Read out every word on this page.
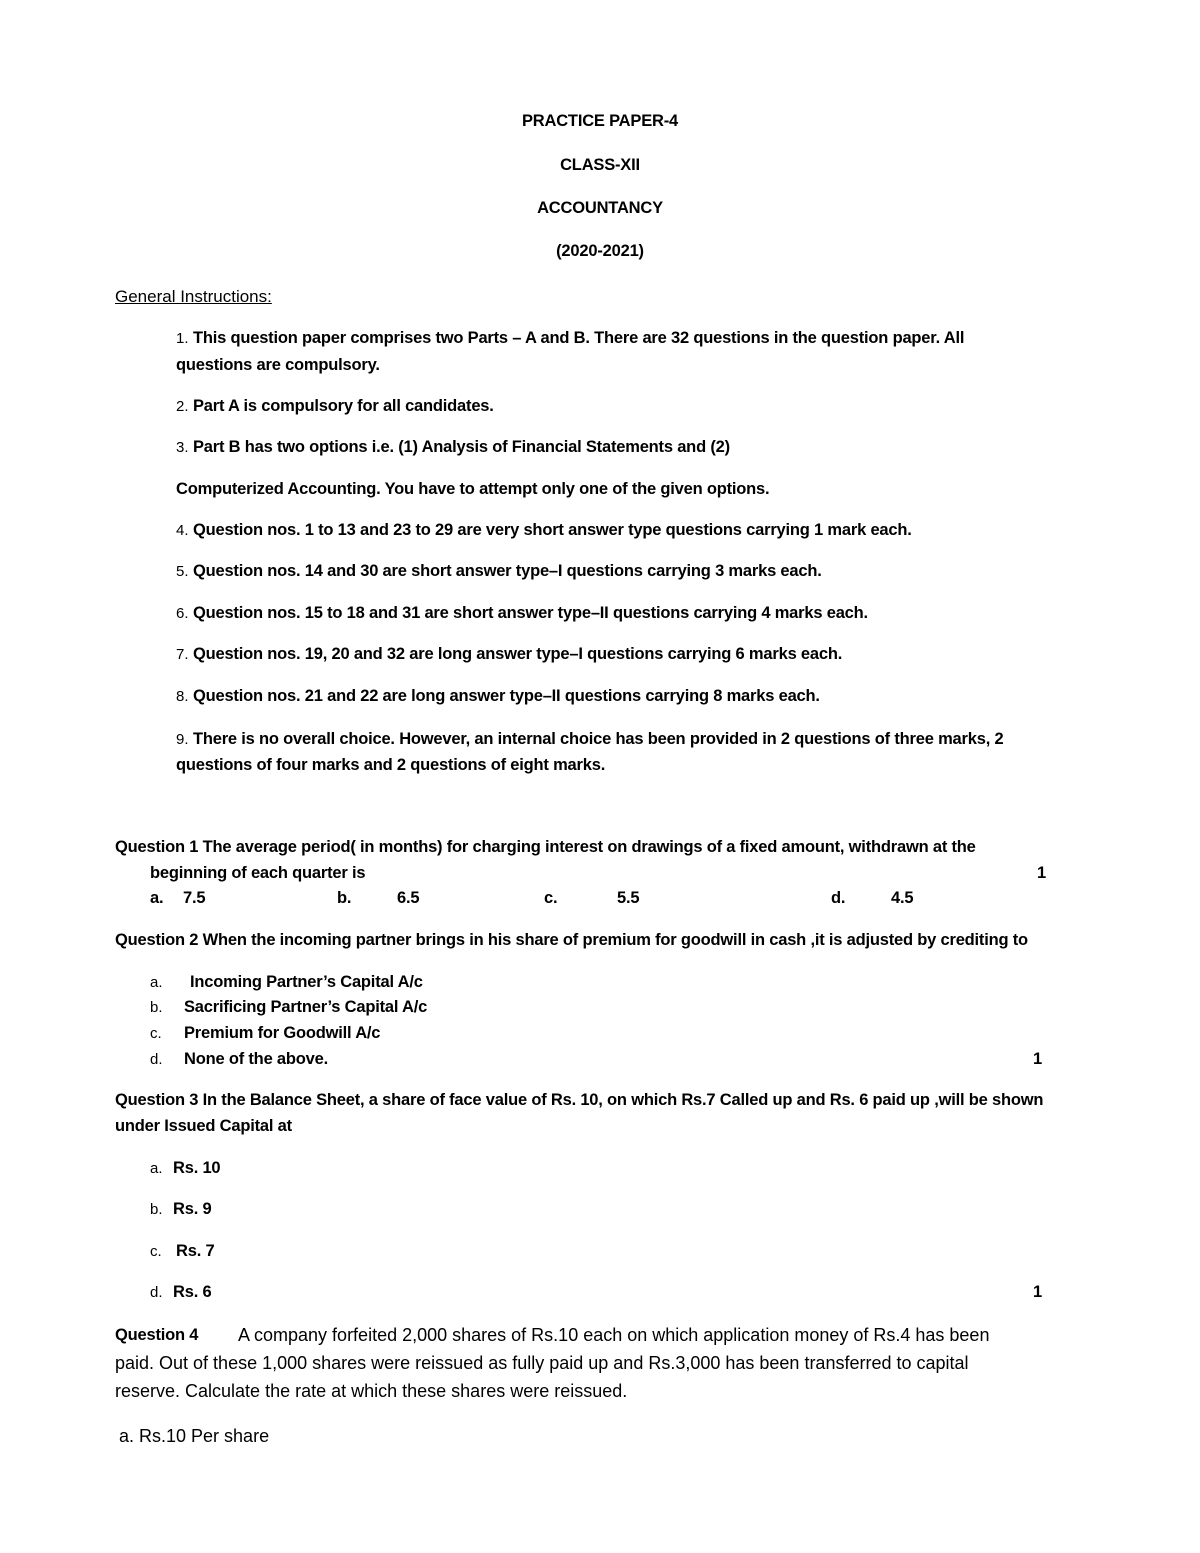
PRACTICE PAPER-4
CLASS-XII
ACCOUNTANCY
(2020-2021)
General Instructions:
1. This question paper comprises two Parts – A and B. There are 32 questions in the question paper. All
questions are compulsory.
2. Part A is compulsory for all candidates.
3. Part B has two options i.e. (1) Analysis of Financial Statements and (2)
Computerized Accounting. You have to attempt only one of the given options.
4. Question nos. 1 to 13 and 23 to 29 are very short answer type questions carrying 1 mark each.
5. Question nos. 14 and 30 are short answer type–I questions carrying 3 marks each.
6. Question nos. 15 to 18 and 31 are short answer type–II questions carrying 4 marks each.
7. Question nos. 19, 20 and 32 are long answer type–I questions carrying 6 marks each.
8. Question nos. 21 and 22 are long answer type–II questions carrying 8 marks each.
9. There is no overall choice. However, an internal choice has been provided in 2 questions of three marks, 2
questions of four marks and 2 questions of eight marks.
Question 1 The average period( in months) for charging interest on drawings of a fixed amount, withdrawn at the
beginning of each quarter is	1
a. 7.5	b.	6.5	c.	5.5	d.	4.5
Question 2 When the incoming partner brings in his share of premium for goodwill in cash ,it is adjusted by crediting to
a. Incoming Partner’s Capital A/c
b. Sacrificing Partner’s Capital A/c
c. Premium for Goodwill A/c
d. None of the above.	1
Question 3 In the Balance Sheet, a share of face value of Rs. 10, on which Rs.7 Called up and Rs. 6 paid up ,will be shown
under Issued Capital at
a. Rs. 10
b. Rs. 9
c. Rs. 7
d. Rs. 6	1
Question 4 A company forfeited 2,000 shares of Rs.10 each on which application money of Rs.4 has been
paid. Out of these 1,000 shares were reissued as fully paid up and Rs.3,000 has been transferred to capital
reserve. Calculate the rate at which these shares were reissued.
a. Rs.10 Per share
